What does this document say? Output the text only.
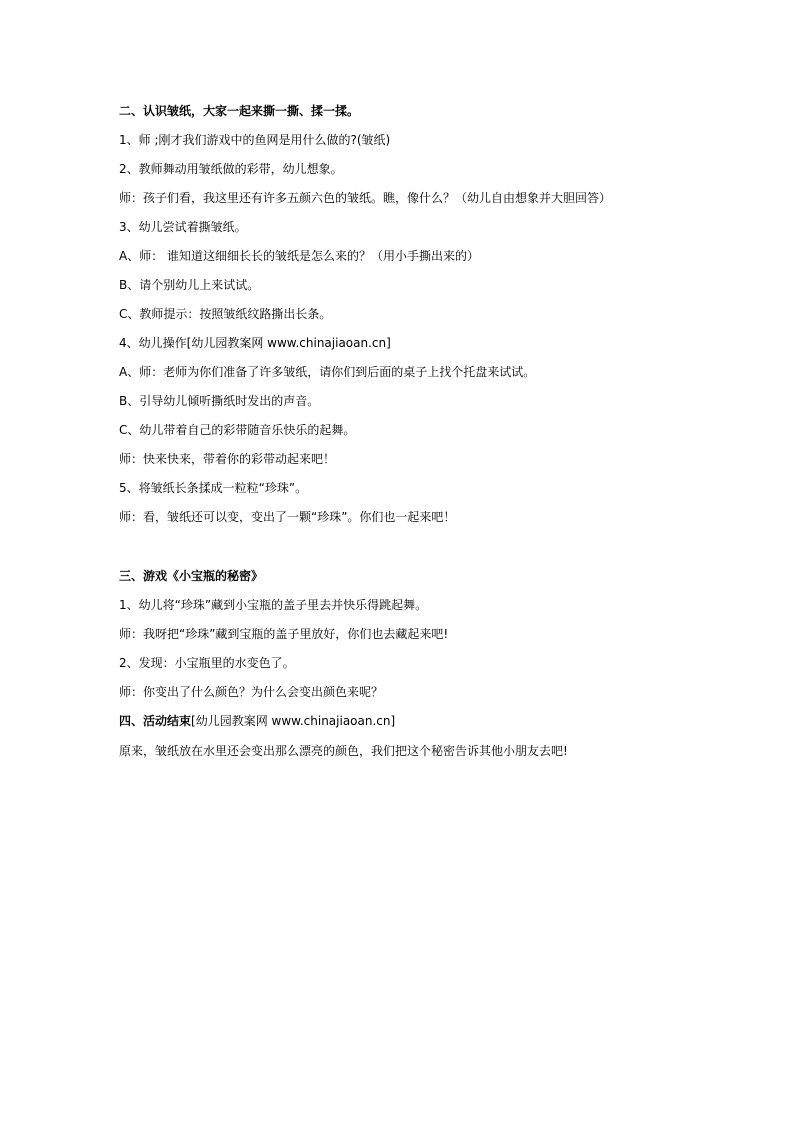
二、认识皱纸，大家一起来撕一撕、揉一揉。
1、师 ;刚才我们游戏中的鱼网是用什么做的?(皱纸)
2、教师舞动用皱纸做的彩带，幼儿想象。
师：孩子们看，我这里还有许多五颜六色的皱纸。瞧，像什么？（幼儿自由想象并大胆回答）
3、幼儿尝试着撕皱纸。
A、师： 谁知道这细细长长的皱纸是怎么来的？（用小手撕出来的）
B、请个别幼儿上来试试。
C、教师提示：按照皱纸纹路撕出长条。
4、幼儿操作[幼儿园教案网 www.chinajiaoan.cn]
A、师：老师为你们准备了许多皱纸，请你们到后面的桌子上找个托盘来试试。
B、引导幼儿倾听撕纸时发出的声音。
C、幼儿带着自己的彩带随音乐快乐的起舞。
师：快来快来，带着你的彩带动起来吧！
5、将皱纸长条揉成一粒粒“珍珠”。
师：看，皱纸还可以变，变出了一颗“珍珠”。你们也一起来吧！
三、游戏《小宝瓶的秘密》
1、幼儿将“珍珠”藏到小宝瓶的盖子里去并快乐得跳起舞。
师：我呀把“珍珠”藏到宝瓶的盖子里放好，你们也去藏起来吧!
2、发现：小宝瓶里的水变色了。
师：你变出了什么颜色？为什么会变出颜色来呢？
四、活动结束[幼儿园教案网 www.chinajiaoan.cn]
原来，皱纸放在水里还会变出那么漂亮的颜色，我们把这个秘密告诉其他小朋友去吧!
